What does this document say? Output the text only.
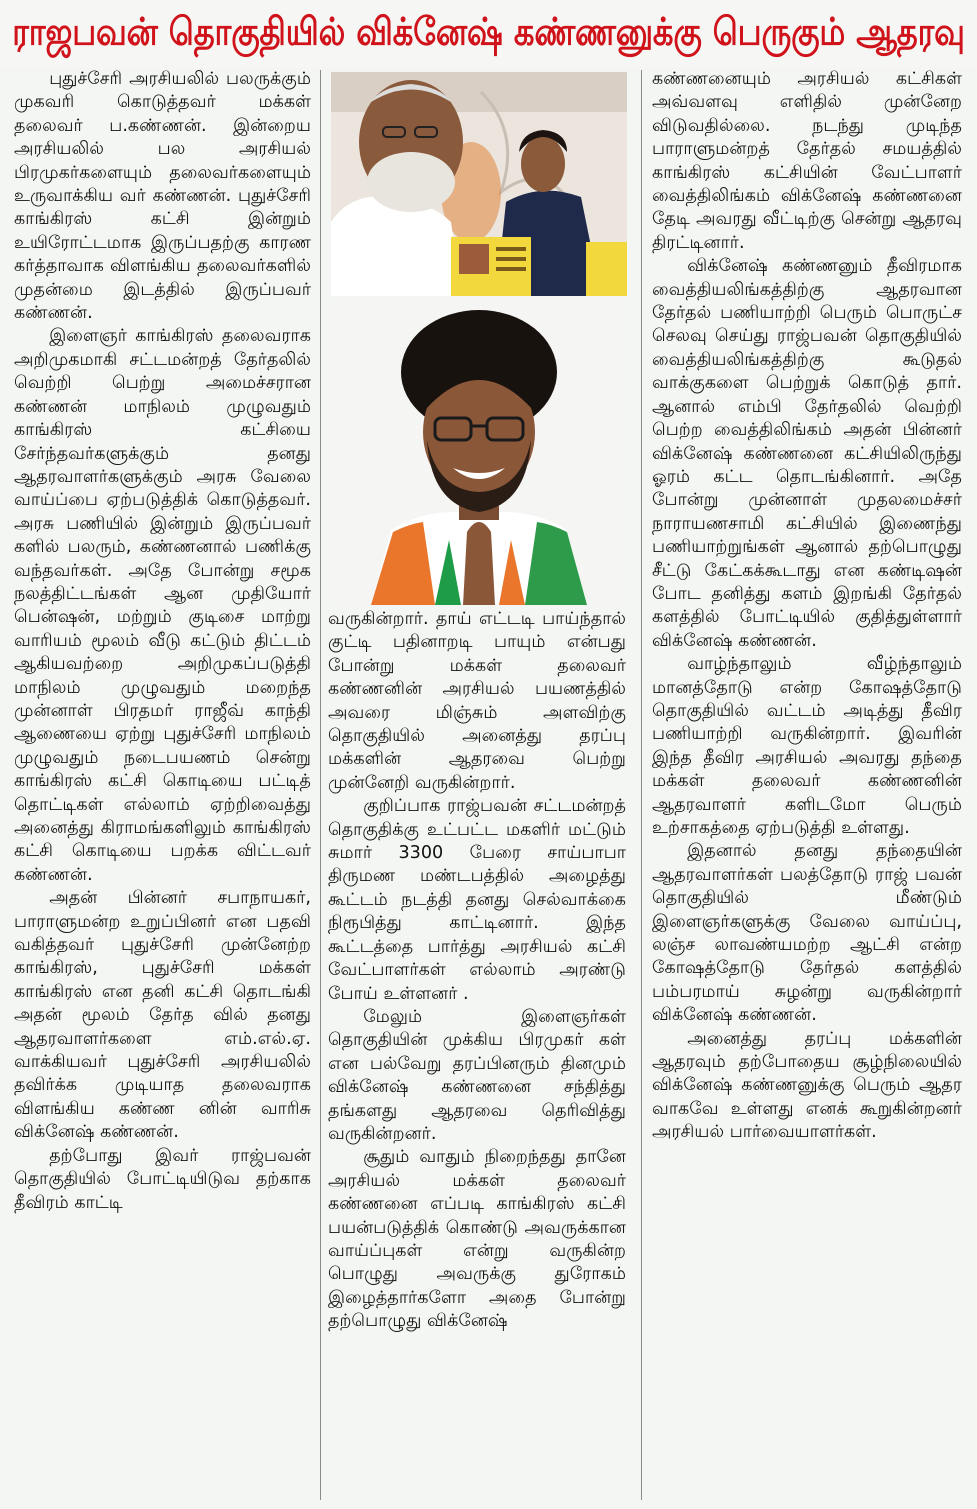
ராஜபவன் தொகுதியில் விக்னேஷ் கண்ணனுக்கு பெருகும் ஆதரவு

புதுச்சேரி அரசியலில் பலருக்கும் முகவரி கொடுத்தவர் மக்கள் தலைவர் ப.கண்ணன். இன்றைய அரசியலில் பல அரசியல் பிரமுகர்களையும் தலைவர்களையும் உருவாக்கிய வர் கண்ணன். புதுச்சேரி காங்கிரஸ் கட்சி இன்றும் உயிரோட்டமாக இருப்பதற்கு காரண கர்த்தாவாக விளங்கிய தலைவர்களில் முதன்மை இடத்தில் இருப்பவர் கண்ணன்.

இளைஞர் காங்கிரஸ் தலைவராக அறிமுகமாகி சட்டமன்றத் தேர்தலில் வெற்றி பெற்று அமைச்சரான கண்ணன் மாநிலம் முழுவதும் காங்கிரஸ் கட்சியை சேர்ந்தவர்களுக்கும் தனது ஆதரவாளர்களுக்கும் அரசு வேலை வாய்ப்பை ஏற்படுத்திக் கொடுத்தவர். அரசு பணியில் இன்றும் இருப்பவர் களில் பலரும், கண்ணனால் பணிக்கு வந்தவர்கள். அதே போன்று சமூக நலத்திட்டங்கள் ஆன முதியோர் பென்ஷன், மற்றும் குடிசை மாற்று வாரியம் மூலம் வீடு கட்டும் திட்டம் ஆகியவற்றை அறிமுகப்படுத்தி மாநிலம் முழுவதும் மறைந்த முன்னாள் பிரதமர் ராஜீவ் காந்தி ஆணையை ஏற்று புதுச்சேரி மாநிலம் முழுவதும் நடைபயணம் சென்று காங்கிரஸ் கட்சி கொடியை பட்டித் தொட்டிகள் எல்லாம் ஏற்றிவைத்து அனைத்து கிராமங்களிலும் காங்கிரஸ் கட்சி கொடியை பறக்க விட்டவர் கண்ணன்.

அதன் பின்னர் சபாநாயகர், பாராளுமன்ற உறுப்பினர் என பதவி வகித்தவர் புதுச்சேரி முன்னேற்ற காங்கிரஸ், புதுச்சேரி மக்கள் காங்கிரஸ் என தனி கட்சி தொடங்கி அதன் மூலம் தேர்த வில் தனது ஆதரவாளர்களை எம்.எல்.ஏ. வாக்கியவர் புதுச்சேரி அரசியலில் தவிர்க்க முடியாத தலைவராக விளங்கிய கண்ண னின் வாரிசு விக்னேஷ் கண்ணன்.

தற்போது இவர் ராஜ்பவன் தொகுதியில் போட்டியிடுவ தற்காக தீவிரம் காட்டி

வருகின்றார். தாய் எட்டடி பாய்ந்தால் குட்டி பதினாறடி பாயும் என்பது போன்று மக்கள் தலைவர் கண்ணனின் அரசியல் பயணத்தில் அவரை மிஞ்சும் அளவிற்கு தொகுதியில் அனைத்து தரப்பு மக்களின் ஆதரவை பெற்று முன்னேறி வருகின்றார்.

குறிப்பாக ராஜ்பவன் சட்டமன்றத் தொகுதிக்கு உட்பட்ட மகளிர் மட்டும் சுமார் 3300 பேரை சாய்பாபா திருமண மண்டபத்தில் அழைத்து கூட்டம் நடத்தி தனது செல்வாக்கை நிரூபித்து காட்டினார். இந்த கூட்டத்தை பார்த்து அரசியல் கட்சி வேட்பாளர்கள் எல்லாம் அரண்டு போய் உள்ளனர் .

மேலும் இளைஞர்கள் தொகுதியின் முக்கிய பிரமுகர் கள் என பல்வேறு தரப்பினரும் தினமும் விக்னேஷ் கண்ணனை சந்தித்து தங்களது ஆதரவை தெரிவித்து வருகின்றனர்.

சூதும் வாதும் நிறைந்தது தானே அரசியல் மக்கள் தலைவர் கண்ணனை எப்படி காங்கிரஸ் கட்சி பயன்படுத்திக் கொண்டு அவருக்கான வாய்ப்புகள் என்று வருகின்ற பொழுது அவருக்கு துரோகம் இழைத்தார்களோ அதை போன்று தற்பொழுது விக்னேஷ்

கண்ணனையும் அரசியல் கட்சிகள் அவ்வளவு எளிதில் முன்னேற விடுவதில்லை. நடந்து முடிந்த பாராளுமன்றத் தேர்தல் சமயத்தில் காங்கிரஸ் கட்சியின் வேட்பாளர் வைத்திலிங்கம் விக்னேஷ் கண்ணனை தேடி அவரது வீட்டிற்கு சென்று ஆதரவு திரட்டினார்.

விக்னேஷ் கண்ணனும் தீவிரமாக வைத்தியலிங்கத்திற்கு ஆதரவான தேர்தல் பணியாற்றி பெரும் பொருட்ச செலவு செய்து ராஜ்பவன் தொகுதியில் வைத்தியலிங்கத்திற்கு கூடுதல் வாக்குகளை பெற்றுக் கொடுத் தார். ஆனால் எம்பி தேர்தலில் வெற்றி பெற்ற வைத்திலிங்கம் அதன் பின்னர் விக்னேஷ் கண்ணனை கட்சியிலிருந்து ஓரம் கட்ட தொடங்கினார். அதே போன்று முன்னாள் முதலமைச்சர் நாராயணசாமி கட்சியில் இணைந்து பணியாற்றுங்கள் ஆனால் தற்பொழுது சீட்டு கேட்கக்கூடாது என கண்டிஷன் போட தனித்து களம் இறங்கி தேர்தல் களத்தில் போட்டியில் குதித்துள்ளார் விக்னேஷ் கண்ணன்.

வாழ்ந்தாலும் வீழ்ந்தாலும் மானத்தோடு என்ற கோஷத்தோடு தொகுதியில் வட்டம் அடித்து தீவிர பணியாற்றி வருகின்றார். இவரின் இந்த தீவிர அரசியல் அவரது தந்தை மக்கள் தலைவர் கண்ணனின் ஆதரவாளர் களிடமோ பெரும் உற்சாகத்தை ஏற்படுத்தி உள்ளது.

இதனால் தனது தந்தையின் ஆதரவாளர்கள் பலத்தோடு ராஜ் பவன் தொகுதியில் மீண்டும் இளைஞர்களுக்கு வேலை வாய்ப்பு, லஞ்ச லாவண்யமற்ற ஆட்சி என்ற கோஷத்தோடு தேர்தல் களத்தில் பம்பரமாய் சுழன்று வருகின்றார் விக்னேஷ் கண்ணன்.

அனைத்து தரப்பு மக்களின் ஆதரவும் தற்போதைய சூழ்நிலையில் விக்னேஷ் கண்ணனுக்கு பெரும் ஆதர வாகவே உள்ளது எனக் கூறுகின்றனர் அரசியல் பார்வையாளர்கள்.
